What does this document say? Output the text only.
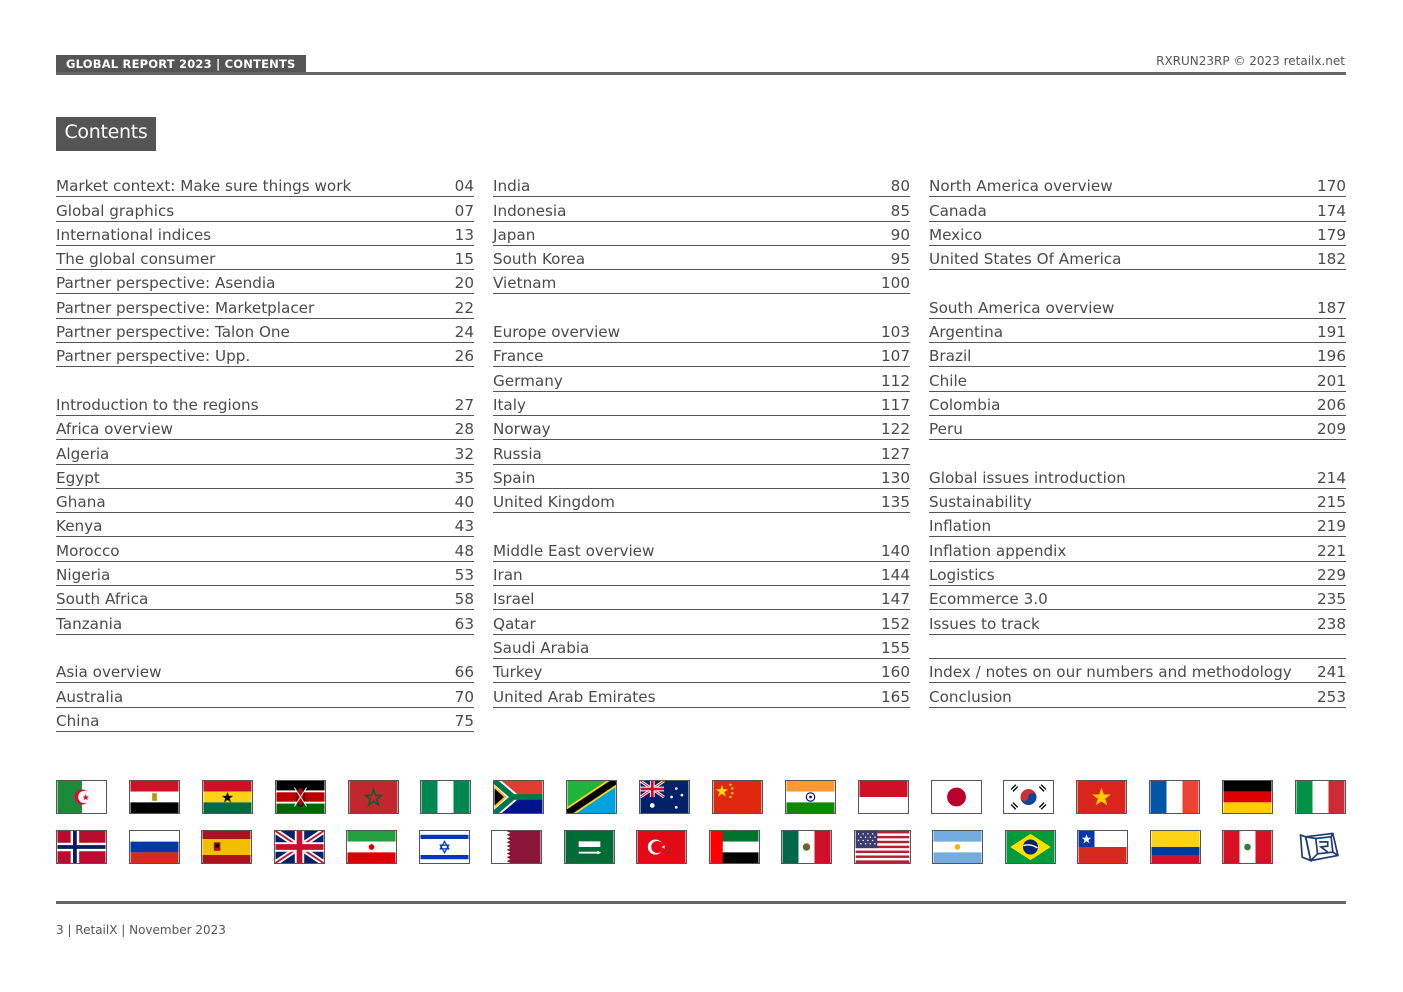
GLOBAL REPORT 2023 | CONTENTS	RXRUN23RP © 2023 retailx.net
Contents
Market context: Make sure things work	04
Global graphics	07
International indices	13
The global consumer	15
Partner perspective: Asendia	20
Partner perspective: Marketplacer	22
Partner perspective: Talon One	24
Partner perspective: Upp.	26
Introduction to the regions	27
Africa overview	28
Algeria	32
Egypt	35
Ghana	40
Kenya	43
Morocco	48
Nigeria	53
South Africa	58
Tanzania	63
Asia overview	66
Australia	70
China	75
India	80
Indonesia	85
Japan	90
South Korea	95
Vietnam	100
Europe overview	103
France	107
Germany	112
Italy	117
Norway	122
Russia	127
Spain	130
United Kingdom	135
Middle East overview	140
Iran	144
Israel	147
Qatar	152
Saudi Arabia	155
Turkey	160
United Arab Emirates	165
North America overview	170
Canada	174
Mexico	179
United States Of America	182
South America overview	187
Argentina	191
Brazil	196
Chile	201
Colombia	206
Peru	209
Global issues introduction	214
Sustainability	215
Inflation	219
Inflation appendix	221
Logistics	229
Ecommerce 3.0	235
Issues to track	238
Index / notes on our numbers and methodology 241
Conclusion	253
3 | RetailX | November 2023
